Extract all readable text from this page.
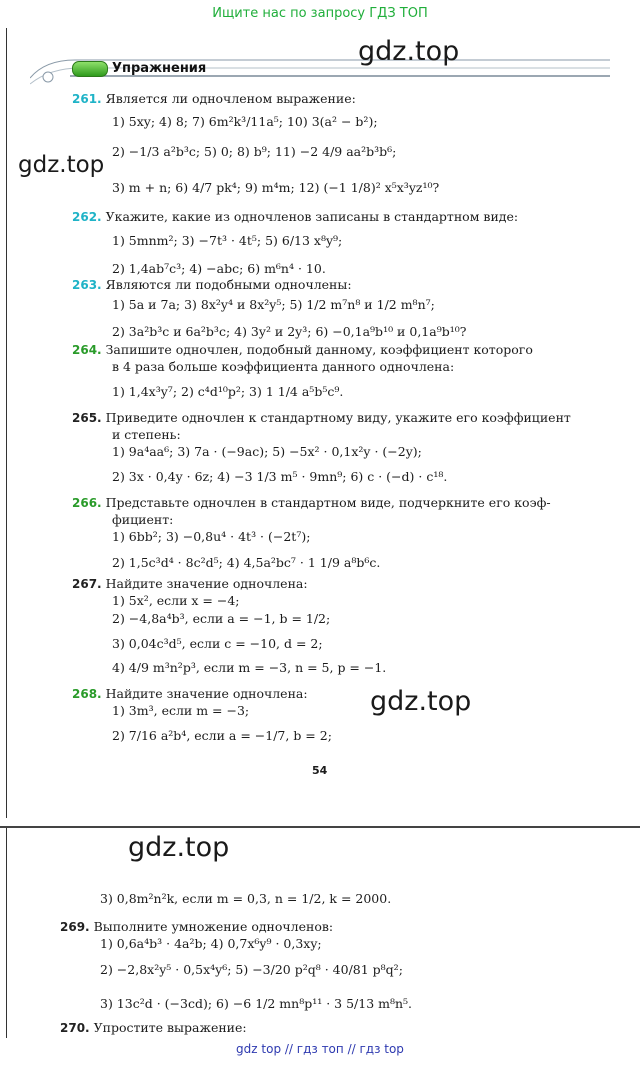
Ищите нас по запросу ГДЗ ТОП
Упражнения
gdz.top
gdz.top
gdz.top
gdz.top
261. Является ли одночленом выражение:
1) 5xy; 4) 8; 7) 6m²k³/11a⁵; 10) 3(a² − b²);
2) −1/3 a²b³c; 5) 0; 8) b⁹; 11) −2 4/9 aa²b³b⁶;
3) m + n; 6) 4/7 pk⁴; 9) m⁴m; 12) (−1 1/8)² x⁵x³yz¹⁰?
262. Укажите, какие из одночленов записаны в стандартном виде:
1) 5mnm²; 3) −7t³ · 4t⁵; 5) 6/13 x⁸y⁹;
2) 1,4ab⁷c³; 4) −abc; 6) m⁶n⁴ · 10.
263. Являются ли подобными одночлены:
1) 5a и 7a; 3) 8x²y⁴ и 8x²y⁵; 5) 1/2 m⁷n⁸ и 1/2 m⁸n⁷;
2) 3a²b³c и 6a²b³c; 4) 3y² и 2y³; 6) −0,1a⁹b¹⁰ и 0,1a⁹b¹⁰?
264. Запишите одночлен, подобный данному, коэффициент которого
в 4 раза больше коэффициента данного одночлена:
1) 1,4x³y⁷; 2) c⁴d¹⁰p²; 3) 1 1/4 a⁵b⁵c⁹.
265. Приведите одночлен к стандартному виду, укажите его коэффициент
и степень:
1) 9a⁴aa⁶; 3) 7a · (−9ac); 5) −5x² · 0,1x²y · (−2y);
2) 3x · 0,4y · 6z; 4) −3 1/3 m⁵ · 9mn⁹; 6) c · (−d) · c¹⁸.
266. Представьте одночлен в стандартном виде, подчеркните его коэф-
фициент:
1) 6bb²; 3) −0,8u⁴ · 4t³ · (−2t⁷);
2) 1,5c³d⁴ · 8c²d⁵; 4) 4,5a²bc⁷ · 1 1/9 a⁸b⁶c.
267. Найдите значение одночлена:
1) 5x², если x = −4;
2) −4,8a⁴b³, если a = −1, b = 1/2;
3) 0,04c³d⁵, если c = −10, d = 2;
4) 4/9 m³n²p³, если m = −3, n = 5, p = −1.
268. Найдите значение одночлена:
1) 3m³, если m = −3;
2) 7/16 a²b⁴, если a = −1/7, b = 2;
54
3) 0,8m²n²k, если m = 0,3, n = 1/2, k = 2000.
269. Выполните умножение одночленов:
1) 0,6a⁴b³ · 4a²b; 4) 0,7x⁶y⁹ · 0,3xy;
2) −2,8x²y⁵ · 0,5x⁴y⁶; 5) −3/20 p²q⁸ · 40/81 p⁸q²;
3) 13c²d · (−3cd); 6) −6 1/2 mn⁸p¹¹ · 3 5/13 m⁸n⁵.
270. Упростите выражение:
gdz top // гдз топ // гдз top
